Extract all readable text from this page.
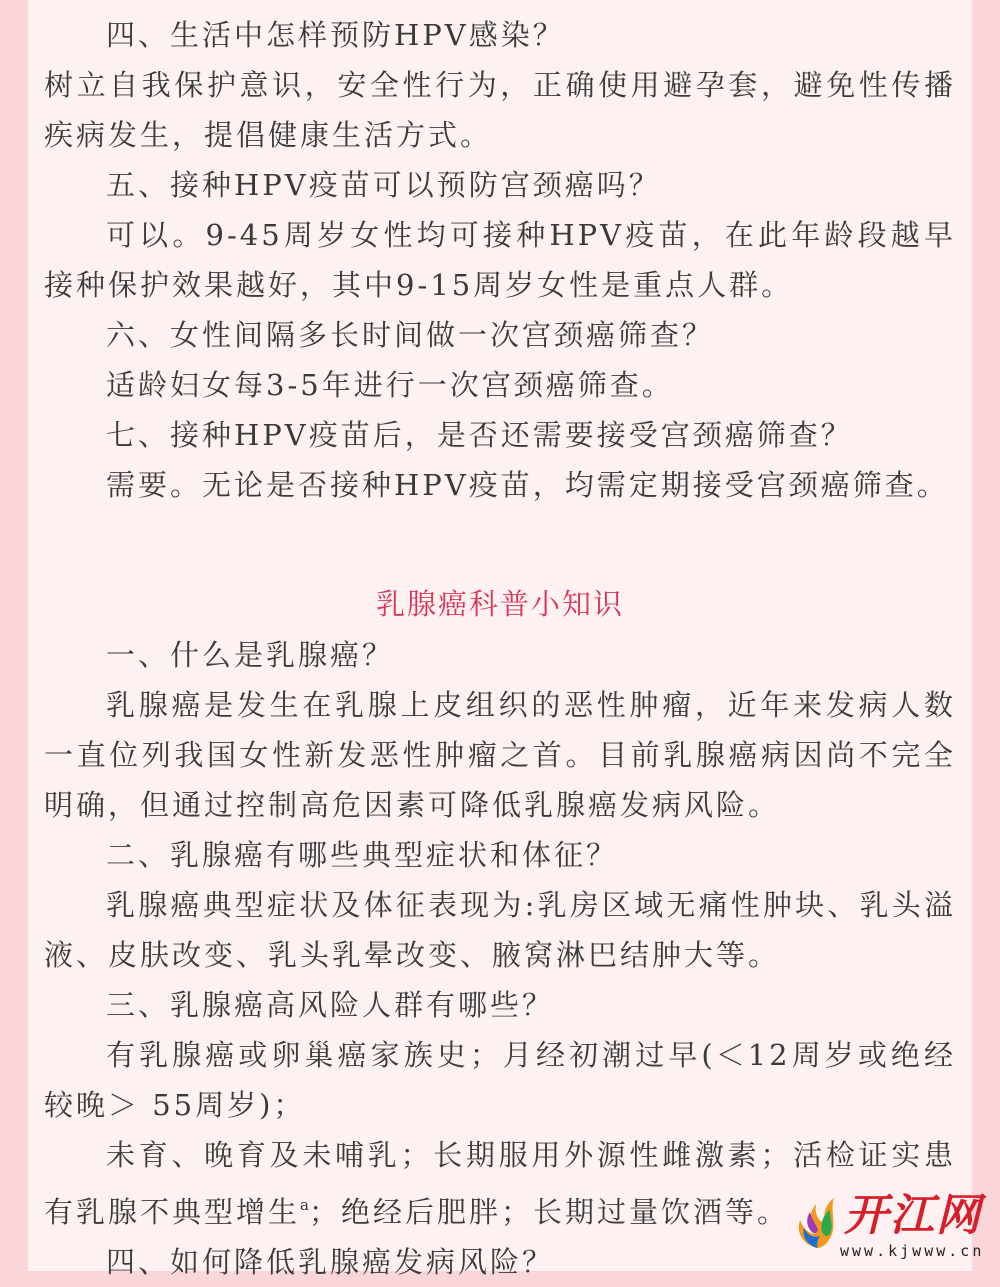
四、生活中怎样预防HPV感染？

树立自我保护意识，安全性行为，正确使用避孕套，避免性传播疾病发生，提倡健康生活方式。

五、接种HPV疫苗可以预防宫颈癌吗？

可以。9-45周岁女性均可接种HPV疫苗，在此年龄段越早接种保护效果越好，其中9-15周岁女性是重点人群。

六、女性间隔多长时间做一次宫颈癌筛查？

适龄妇女每3-5年进行一次宫颈癌筛查。

七、接种HPV疫苗后，是否还需要接受宫颈癌筛查？

需要。无论是否接种HPV疫苗，均需定期接受宫颈癌筛查。

乳腺癌科普小知识

一、什么是乳腺癌？

乳腺癌是发生在乳腺上皮组织的恶性肿瘤，近年来发病人数一直位列我国女性新发恶性肿瘤之首。目前乳腺癌病因尚不完全明确，但通过控制高危因素可降低乳腺癌发病风险。

二、乳腺癌有哪些典型症状和体征？

乳腺癌典型症状及体征表现为:乳房区域无痛性肿块、乳头溢液、皮肤改变、乳头乳晕改变、腋窝淋巴结肿大等。

三、乳腺癌高风险人群有哪些？

有乳腺癌或卵巢癌家族史；月经初潮过早(＜12周岁或绝经较晚＞ 55周岁)；

未育、晚育及未哺乳；长期服用外源性雌激素；活检证实患有乳腺不典型增生$^a$；绝经后肥胖；长期过量饮酒等。

四、如何降低乳腺癌发病风险？

开江网
www.kjwww.cn
